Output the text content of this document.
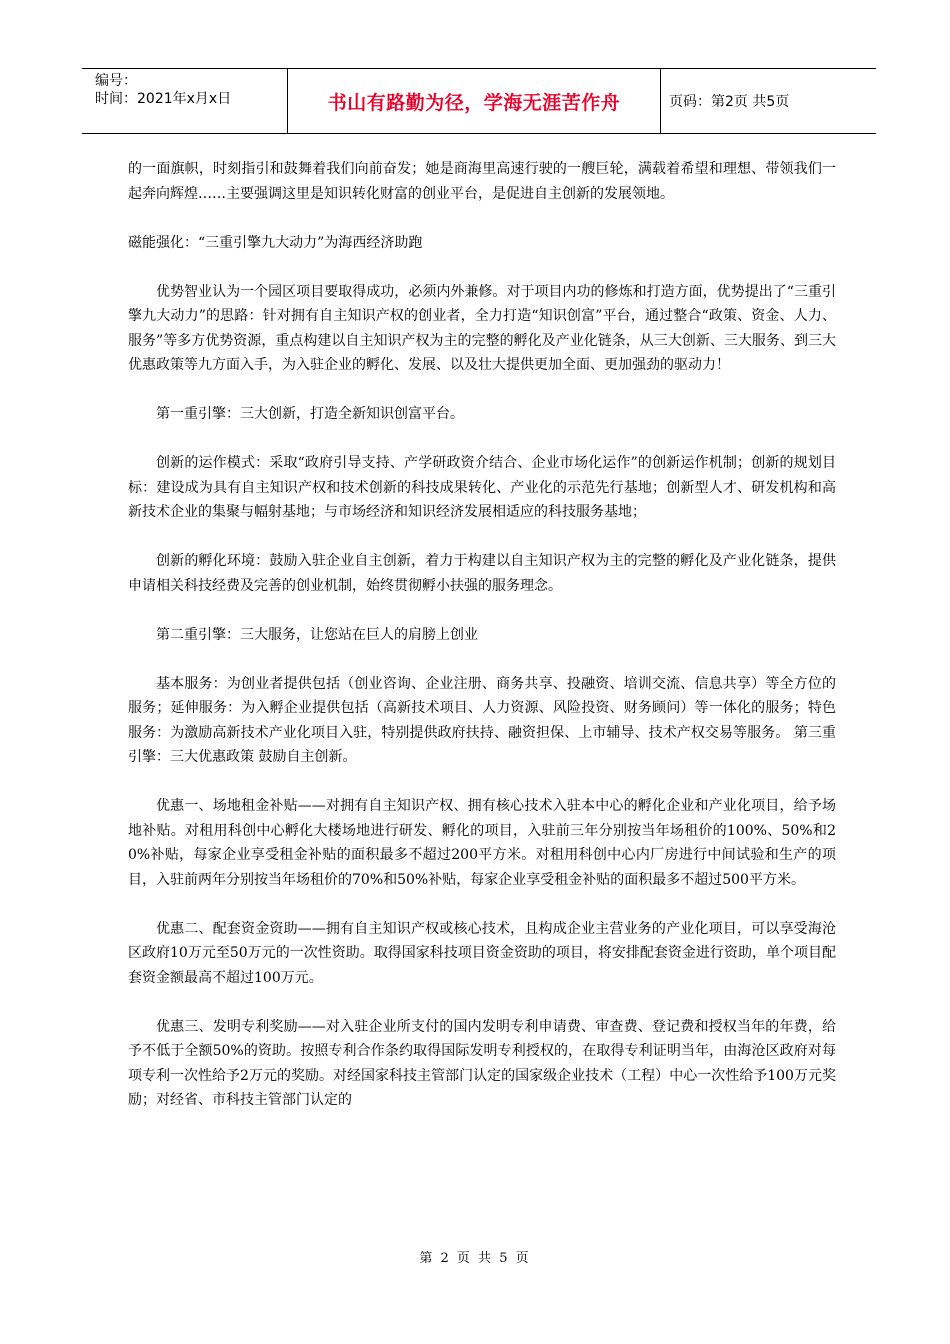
编号：
时间：2021年x月x日	书山有路勤为径，学海无涯苦作舟	页码：第2页 共5页

的一面旗帜，时刻指引和鼓舞着我们向前奋发；她是商海里高速行驶的一艘巨轮，满载着希望和理想、带领我们一起奔向辉煌……主要强调这里是知识转化财富的创业平台，是促进自主创新的发展领地。

磁能强化：“三重引擎九大动力”为海西经济助跑

优势智业认为一个园区项目要取得成功，必须内外兼修。对于项目内功的修炼和打造方面，优势提出了“三重引擎九大动力”的思路：针对拥有自主知识产权的创业者，全力打造“知识创富”平台，通过整合“政策、资金、人力、服务”等多方优势资源，重点构建以自主知识产权为主的完整的孵化及产业化链条，从三大创新、三大服务、到三大优惠政策等九方面入手，为入驻企业的孵化、发展、以及壮大提供更加全面、更加强劲的驱动力！

第一重引擎：三大创新，打造全新知识创富平台。

创新的运作模式：采取“政府引导支持、产学研政资介结合、企业市场化运作”的创新运作机制；创新的规划目标：建设成为具有自主知识产权和技术创新的科技成果转化、产业化的示范先行基地；创新型人才、研发机构和高新技术企业的集聚与幅射基地；与市场经济和知识经济发展相适应的科技服务基地；

创新的孵化环境：鼓励入驻企业自主创新，着力于构建以自主知识产权为主的完整的孵化及产业化链条，提供申请相关科技经费及完善的创业机制，始终贯彻孵小扶强的服务理念。

第二重引擎：三大服务，让您站在巨人的肩膀上创业

基本服务：为创业者提供包括（创业咨询、企业注册、商务共享、投融资、培训交流、信息共享）等全方位的服务；延伸服务：为入孵企业提供包括（高新技术项目、人力资源、风险投资、财务顾问）等一体化的服务；特色服务：为激励高新技术产业化项目入驻，特别提供政府扶持、融资担保、上市辅导、技术产权交易等服务。 第三重引擎：三大优惠政策 鼓励自主创新。

优惠一、场地租金补贴——对拥有自主知识产权、拥有核心技术入驻本中心的孵化企业和产业化项目，给予场地补贴。对租用科创中心孵化大楼场地进行研发、孵化的项目，入驻前三年分别按当年场租价的100%、50%和20%补贴，每家企业享受租金补贴的面积最多不超过200平方米。对租用科创中心内厂房进行中间试验和生产的项目，入驻前两年分别按当年场租价的70%和50%补贴，每家企业享受租金补贴的面积最多不超过500平方米。

优惠二、配套资金资助——拥有自主知识产权或核心技术，且构成企业主营业务的产业化项目，可以享受海沧区政府10万元至50万元的一次性资助。取得国家科技项目资金资助的项目，将安排配套资金进行资助，单个项目配套资金额最高不超过100万元。

优惠三、发明专利奖励——对入驻企业所支付的国内发明专利申请费、审查费、登记费和授权当年的年费，给予不低于全额50%的资助。按照专利合作条约取得国际发明专利授权的，在取得专利证明当年，由海沧区政府对每项专利一次性给予2万元的奖励。对经国家科技主管部门认定的国家级企业技术（工程）中心一次性给予100万元奖励；对经省、市科技主管部门认定的

第 2 页 共 5 页
